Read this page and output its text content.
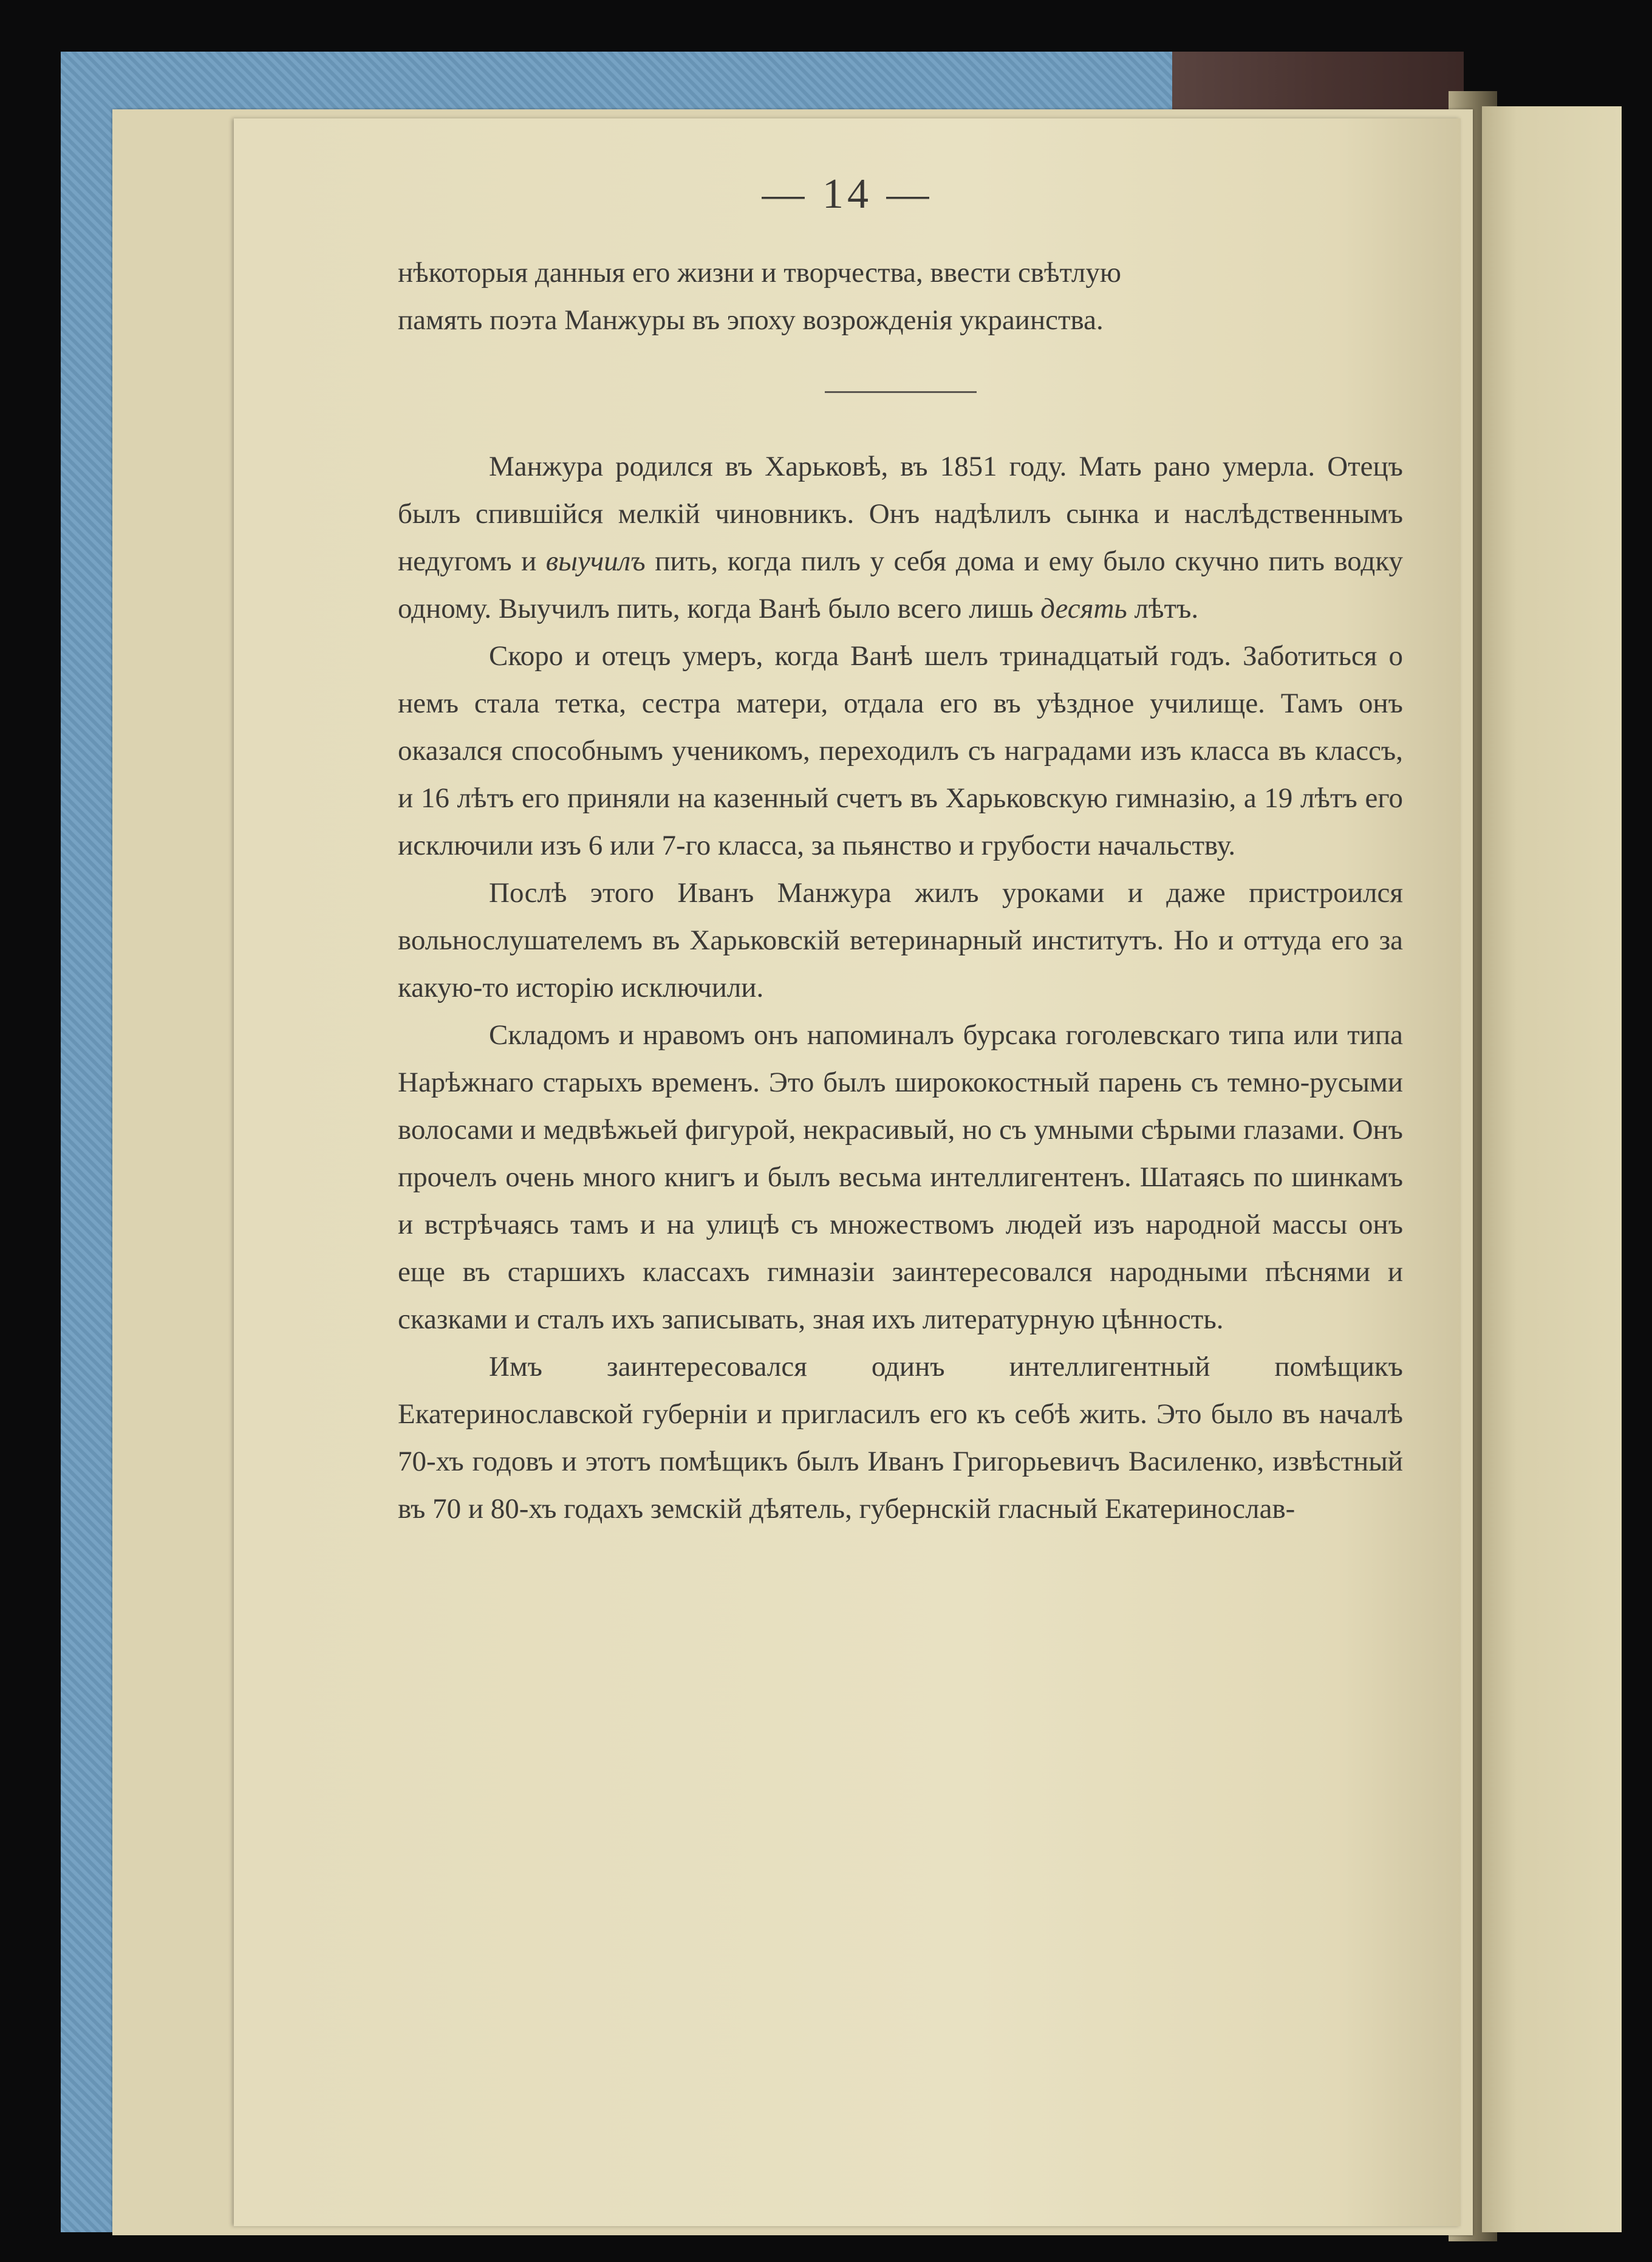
— 14 —

нѣкоторыя данныя его жизни и творчества, ввести свѣтлую

память поэта Манжуры въ эпоху возрожденія украинства.

Манжура родился въ Харьковѣ, въ 1851 году. Мать рано умерла. Отецъ былъ спившійся мелкій чиновникъ. Онъ надѣлилъ сынка и наслѣдственнымъ недугомъ и выучилъ пить, когда пилъ у себя дома и ему было скучно пить водку одному. Выучилъ пить, когда Ванѣ было всего лишь десять лѣтъ.

Скоро и отецъ умеръ, когда Ванѣ шелъ тринадцатый годъ. Заботиться о немъ стала тетка, сестра матери, отдала его въ уѣздное училище. Тамъ онъ оказался способнымъ ученикомъ, переходилъ съ наградами изъ класса въ классъ, и 16 лѣтъ его приняли на казенный счетъ въ Харьковскую гимназію, а 19 лѣтъ его исключили изъ 6 или 7-го класса, за пьянство и грубости начальству.

Послѣ этого Иванъ Манжура жилъ уроками и даже пристроился вольнослушателемъ въ Харьковскій ветеринарный институтъ. Но и оттуда его за какую-то исторію исключили.

Складомъ и нравомъ онъ напоминалъ бурсака гоголевскаго типа или типа Нарѣжнаго старыхъ временъ. Это былъ ширококостный парень съ темно-русыми волосами и медвѣжьей фигурой, некрасивый, но съ умными сѣрыми глазами. Онъ прочелъ очень много книгъ и былъ весьма интеллигентенъ. Шатаясь по шинкамъ и встрѣчаясь тамъ и на улицѣ съ множествомъ людей изъ народной массы онъ еще въ старшихъ классахъ гимназіи заинтересовался народными пѣснями и сказками и сталъ ихъ записывать, зная ихъ литературную цѣнность.

Имъ заинтересовался одинъ интеллигентный помѣщикъ Екатеринославской губерніи и пригласилъ его къ себѣ жить. Это было въ началѣ 70-хъ годовъ и этотъ помѣщикъ былъ Иванъ Григорьевичъ Василенко, извѣстный въ 70 и 80-хъ годахъ земскій дѣятель, губернскій гласный Екатеринослав-
